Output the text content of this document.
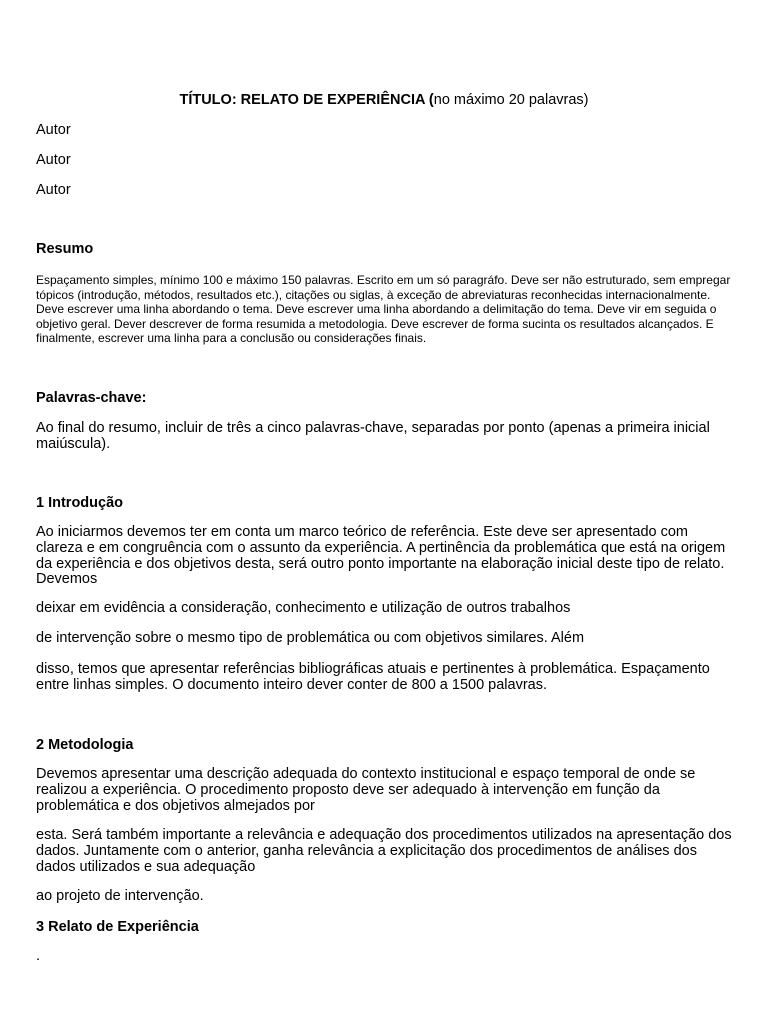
TÍTULO: RELATO DE EXPERIÊNCIA (no máximo 20 palavras)
Autor
Autor
Autor
Resumo
Espaçamento simples, mínimo 100 e máximo 150 palavras. Escrito em um só paragráfo. Deve ser não estruturado, sem empregar tópicos (introdução, métodos, resultados etc.), citações ou siglas, à exceção de abreviaturas reconhecidas internacionalmente. Deve escrever uma linha abordando o tema. Deve escrever uma linha abordando a delimitação do tema. Deve vir em seguida o objetivo geral. Dever descrever de forma resumida a metodologia. Deve escrever de forma sucinta os resultados alcançados. E finalmente, escrever uma linha para a conclusão ou considerações finais.
Palavras-chave:
Ao final do resumo, incluir de três a cinco palavras-chave, separadas por ponto (apenas a primeira inicial maiúscula).
1 Introdução
Ao iniciarmos devemos ter em conta um marco teórico de referência. Este deve ser apresentado com clareza e em congruência com o assunto da experiência. A pertinência da problemática que está na origem da experiência e dos objetivos desta, será outro ponto importante na elaboração inicial deste tipo de relato. Devemos
deixar em evidência a consideração, conhecimento e utilização de outros trabalhos
de intervenção sobre o mesmo tipo de problemática ou com objetivos similares. Além
disso, temos que apresentar referências bibliográficas atuais e pertinentes à problemática. Espaçamento entre linhas simples. O documento inteiro dever conter de 800 a 1500 palavras.
2 Metodologia
Devemos apresentar uma descrição adequada do contexto institucional e espaço temporal de onde se realizou a experiência. O procedimento proposto deve ser adequado à intervenção em função da problemática e dos objetivos almejados por
esta. Será também importante a relevância e adequação dos procedimentos utilizados na apresentação dos dados. Juntamente com o anterior, ganha relevância a explicitação dos procedimentos de análises dos dados utilizados e sua adequação
ao projeto de intervenção.
3 Relato de Experiência
.
